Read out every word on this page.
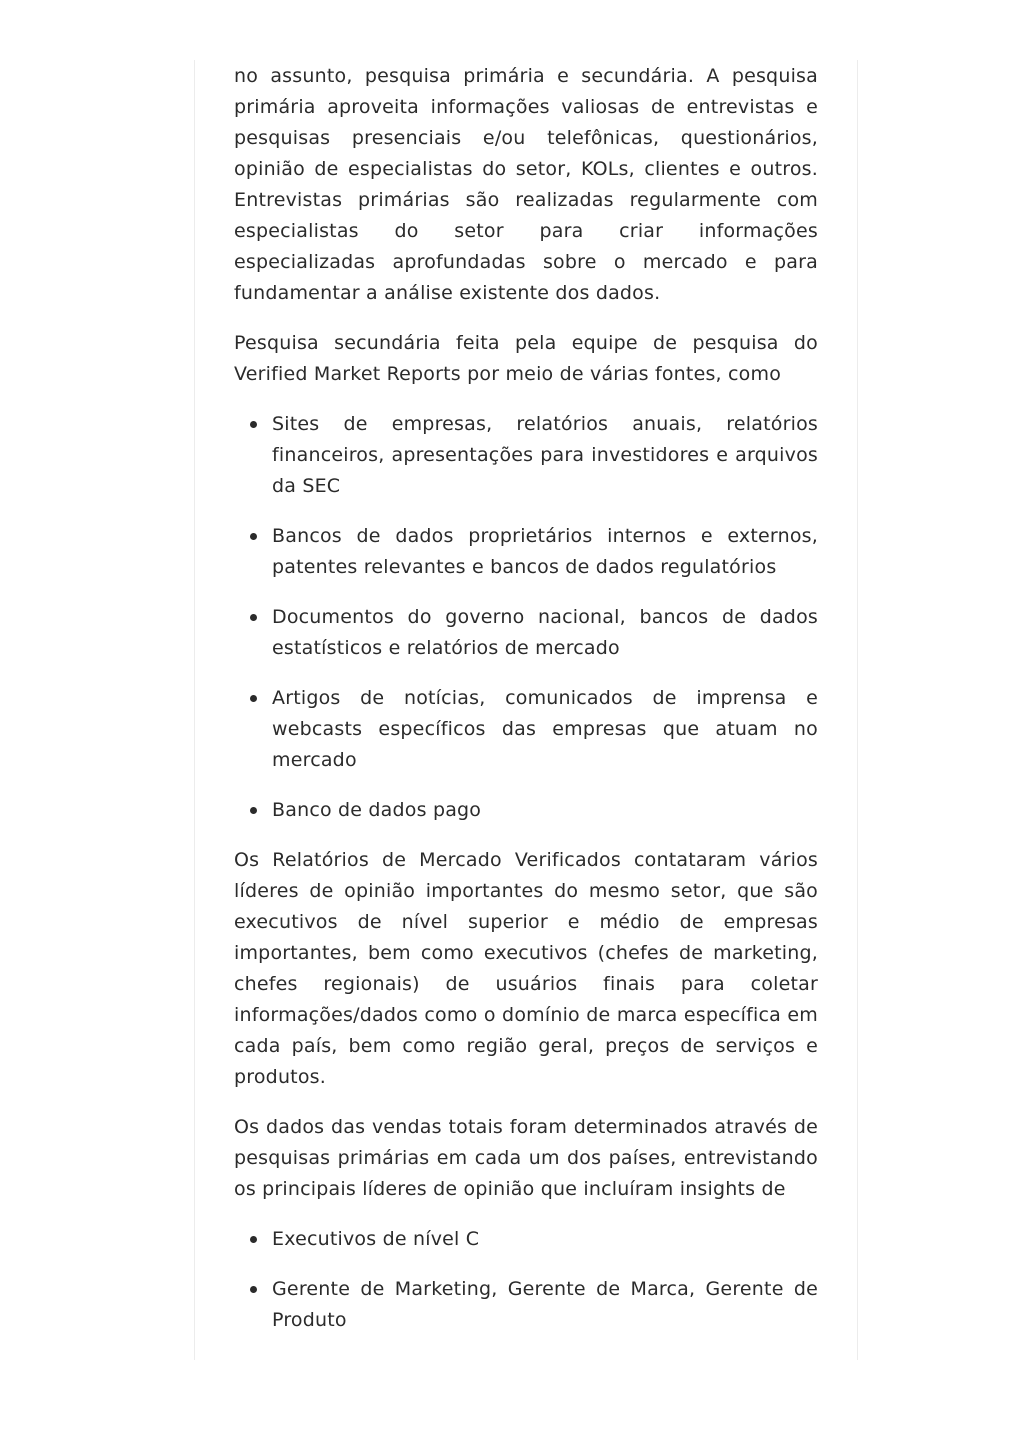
no assunto, pesquisa primária e secundária. A pesquisa primária aproveita informações valiosas de entrevistas e pesquisas presenciais e/ou telefônicas, questionários, opinião de especialistas do setor, KOLs, clientes e outros. Entrevistas primárias são realizadas regularmente com especialistas do setor para criar informações especializadas aprofundadas sobre o mercado e para fundamentar a análise existente dos dados.

Pesquisa secundária feita pela equipe de pesquisa do Verified Market Reports por meio de várias fontes, como

Sites de empresas, relatórios anuais, relatórios financeiros, apresentações para investidores e arquivos da SEC
Bancos de dados proprietários internos e externos, patentes relevantes e bancos de dados regulatórios
Documentos do governo nacional, bancos de dados estatísticos e relatórios de mercado
Artigos de notícias, comunicados de imprensa e webcasts específicos das empresas que atuam no mercado
Banco de dados pago

Os Relatórios de Mercado Verificados contataram vários líderes de opinião importantes do mesmo setor, que são executivos de nível superior e médio de empresas importantes, bem como executivos (chefes de marketing, chefes regionais) de usuários finais para coletar informações/dados como o domínio de marca específica em cada país, bem como região geral, preços de serviços e produtos.

Os dados das vendas totais foram determinados através de pesquisas primárias em cada um dos países, entrevistando os principais líderes de opinião que incluíram insights de

Executivos de nível C
Gerente de Marketing, Gerente de Marca, Gerente de Produto
